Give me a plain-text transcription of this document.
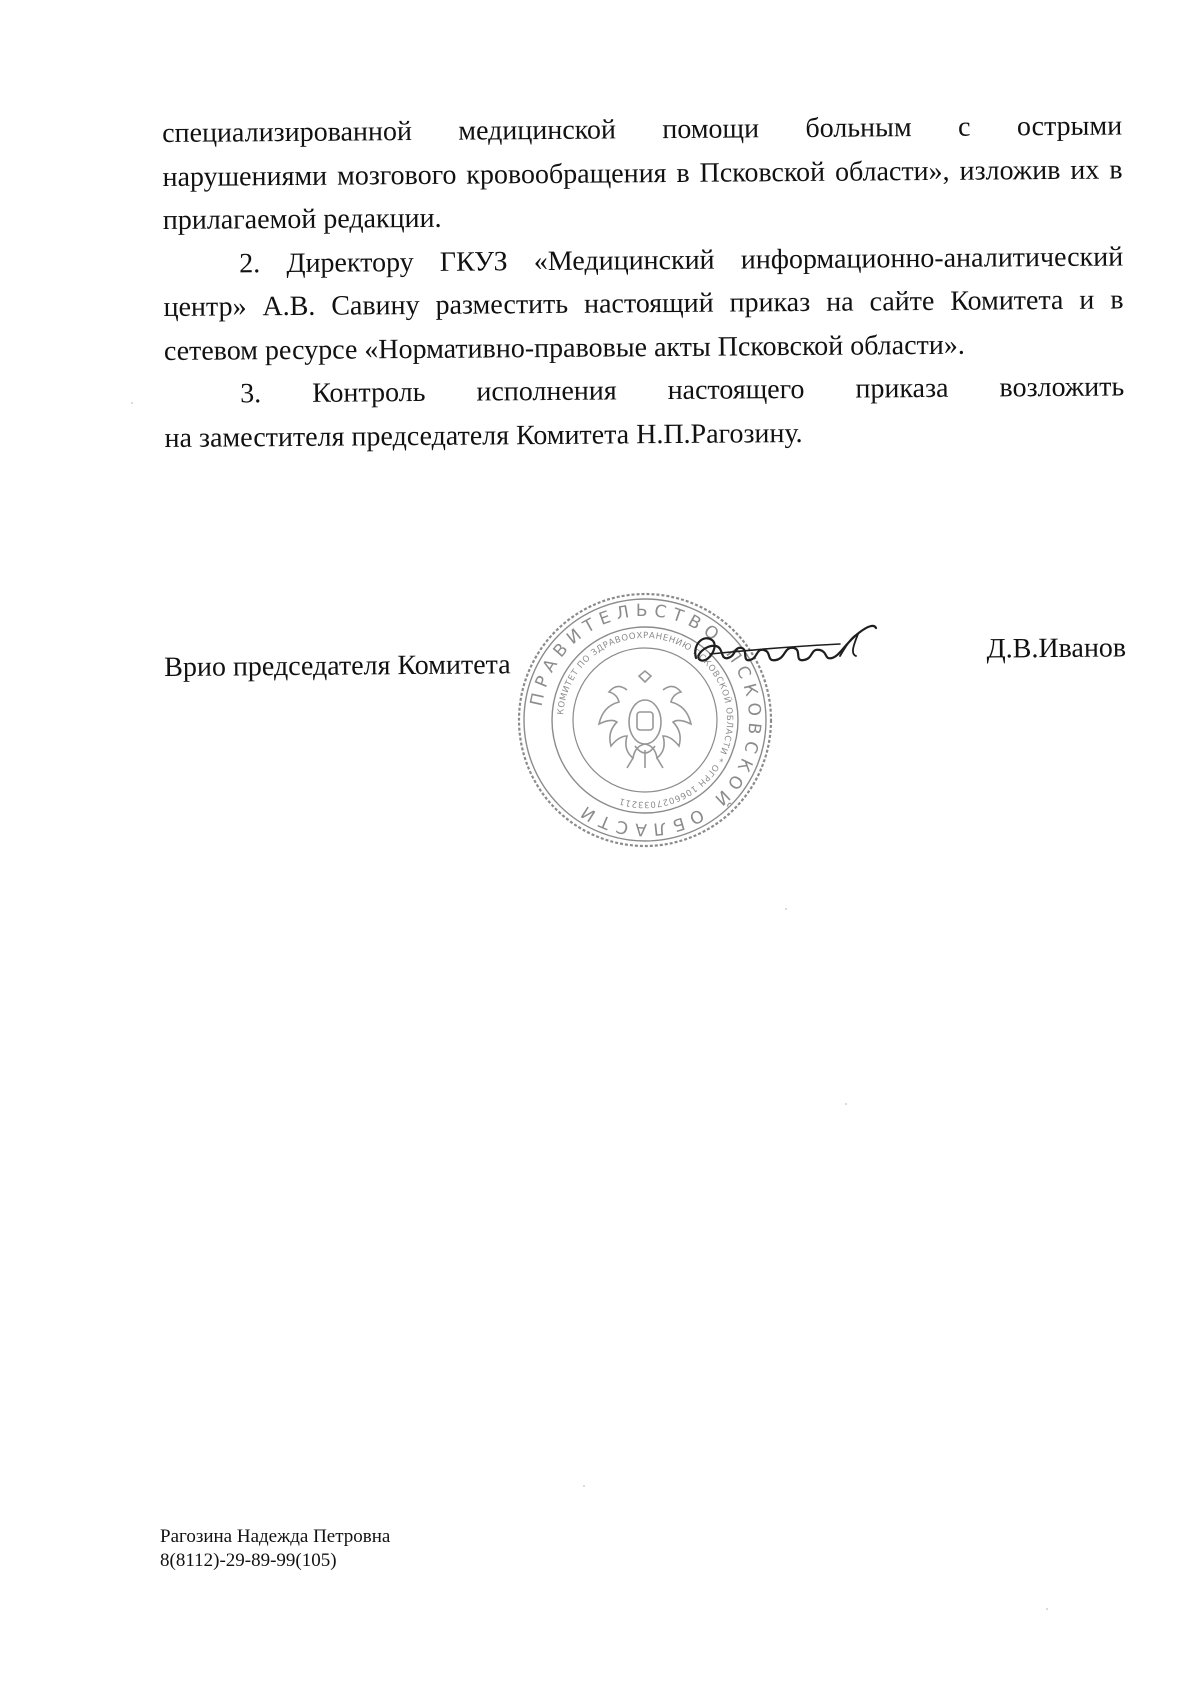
специализированной медицинской помощи больным с острыми
нарушениями мозгового кровообращения в Псковской области», изложив их в прилагаемой редакции.

2. Директору ГКУЗ «Медицинский информационно-аналитический центр» А.В. Савину разместить настоящий приказ на сайте Комитета и в сетевом ресурсе «Нормативно-правовые акты Псковской области».

3. Контроль исполнения настоящего приказа возложить
на заместителя председателя Комитета Н.П.Рагозину.

ПРАВИТЕЛЬСТВО ПСКОВСКОЙ ОБЛАСТИ
КОМИТЕТ ПО ЗДРАВООХРАНЕНИЮ ПСКОВСКОЙ ОБЛАСТИ * ОГРН 1066027033211
Врио председателя Комитета
Д.В.Иванов
Рагозина Надежда Петровна
8(8112)-29-89-99(105)
